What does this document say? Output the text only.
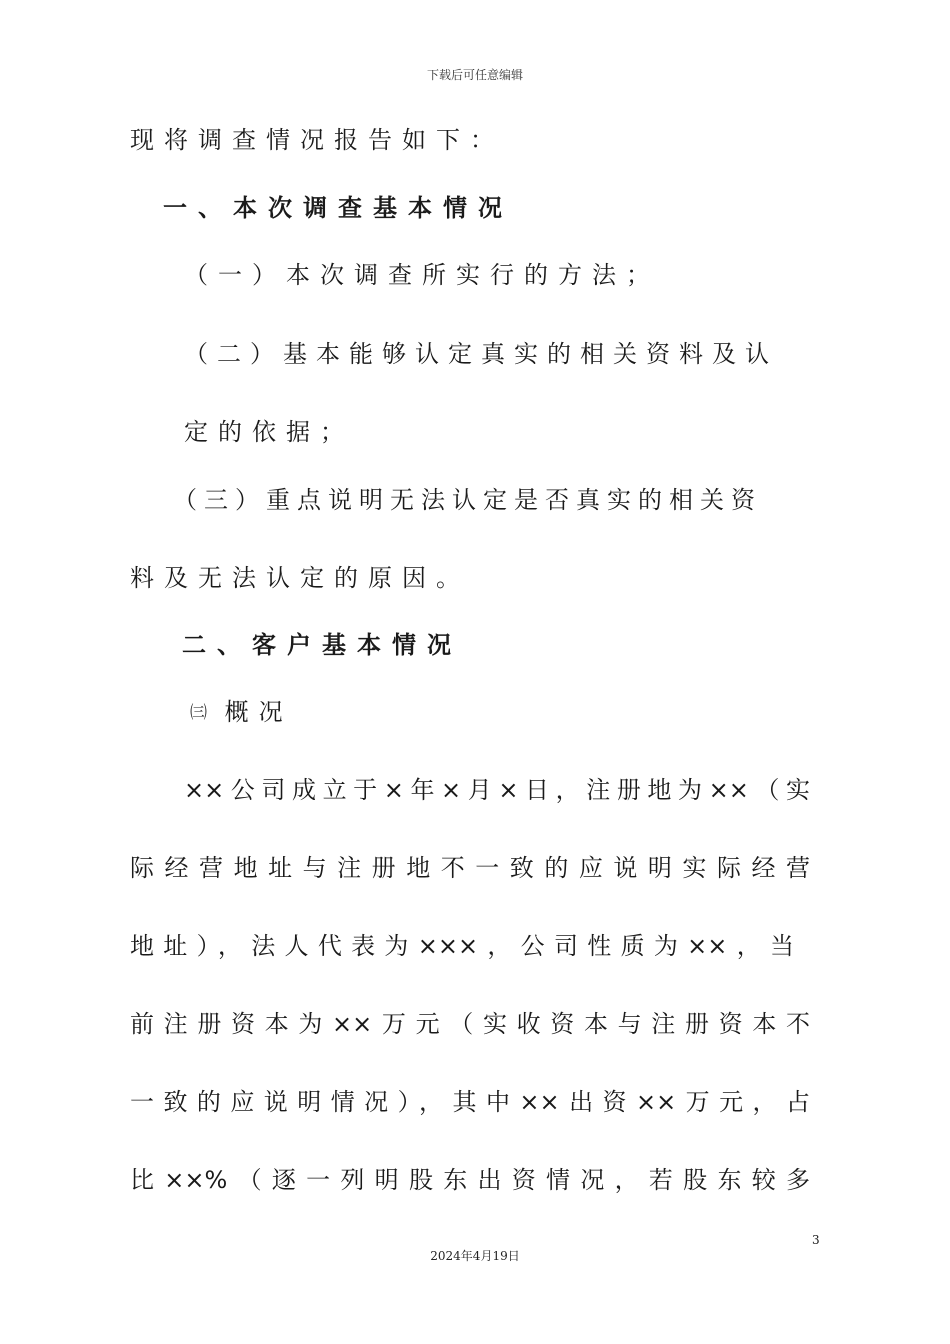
下载后可任意编辑
现将调查情况报告如下：
一、本次调查基本情况
（一）本次调查所实行的方法；
（二）基本能够认定真实的相关资料及认
定的依据；
（三）重点说明无法认定是否真实的相关资
料及无法认定的原因。
二、客户基本情况
㈢ 概况
××公司成立于×年×月×日，注册地为××（实
际经营地址与注册地不一致的应说明实际经营
地址），法人代表为×××，公司性质为××，当
前注册资本为××万元（实收资本与注册资本不
一致的应说明情况），其中××出资××万元，占
比××%（逐一列明股东出资情况，若股东较多
3
2024年4月19日
